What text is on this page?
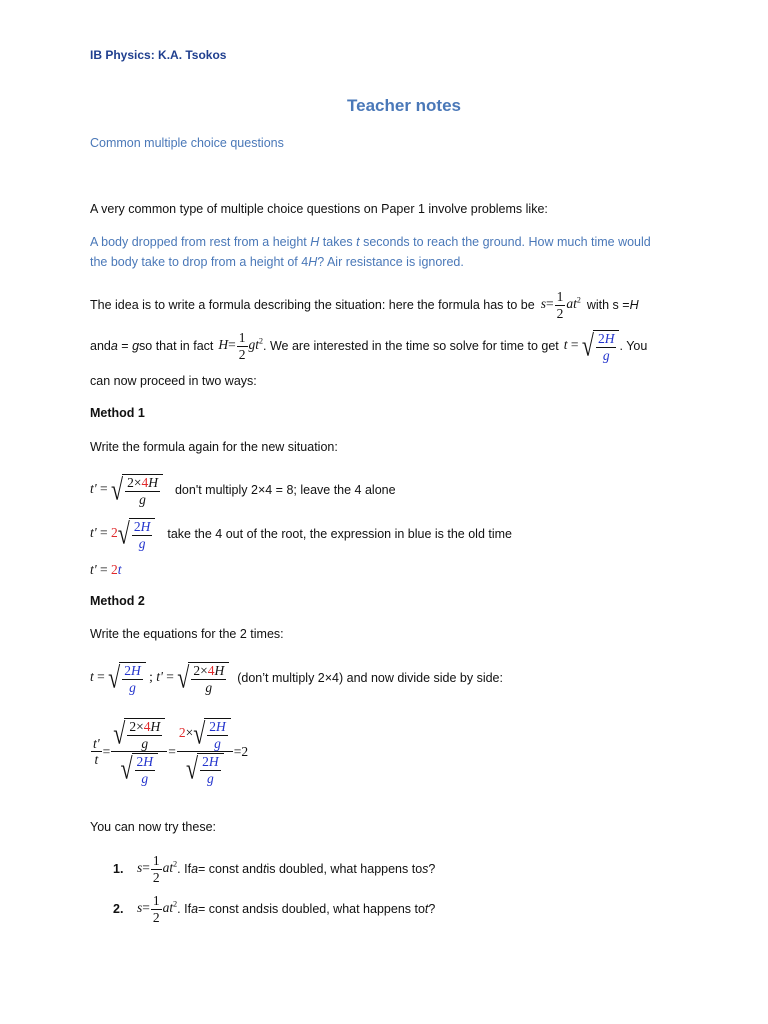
IB Physics: K.A. Tsokos
Teacher notes
Common multiple choice questions
A very common type of multiple choice questions on Paper 1 involve problems like:
A body dropped from rest from a height H takes t seconds to reach the ground. How much time would
the body take to drop from a height of 4H? Air resistance is ignored.
The idea is to write a formula describing the situation: here the formula has to be $s= \frac{1}{2} at^2$ with s = H
and a = g so that in fact $H= \frac{1}{2} gt^2$ . We are interested in the time so solve for time to get t = √ $\frac{2H}{g}$ . You
can now proceed in two ways:
Method 1
Write the formula again for the new situation:
t' = √ $\frac{2\times 4H}{g} don't$ multiply 2×4 = 8; leave the 4 alone
t' = 2 √ $\frac{2H}{g}$ take the 4 out of the root, the expression in blue is the old time
t' = 2t
Method 2
Write the equations for the 2 times:
t = √ $\frac{2H}{g}$ ; t' = √ $\frac{2\times 4H}{g}$ (don’t multiply 2×4) and now divide side by side:
$\frac{t'}{t} = \frac{√ \frac{2\times 4H}{g}}{√ \frac{2H}{g}} = \frac{2\times √ \frac{2H}{g}}{√ \frac{2H}{g}} =2$
You can now try these:
1.	$s= \frac{1}{2} at^2$ . If a = const and t is doubled, what happens to s ?
2.	$s= \frac{1}{2} at^2$ . If a = const and s is doubled, what happens to t ?
